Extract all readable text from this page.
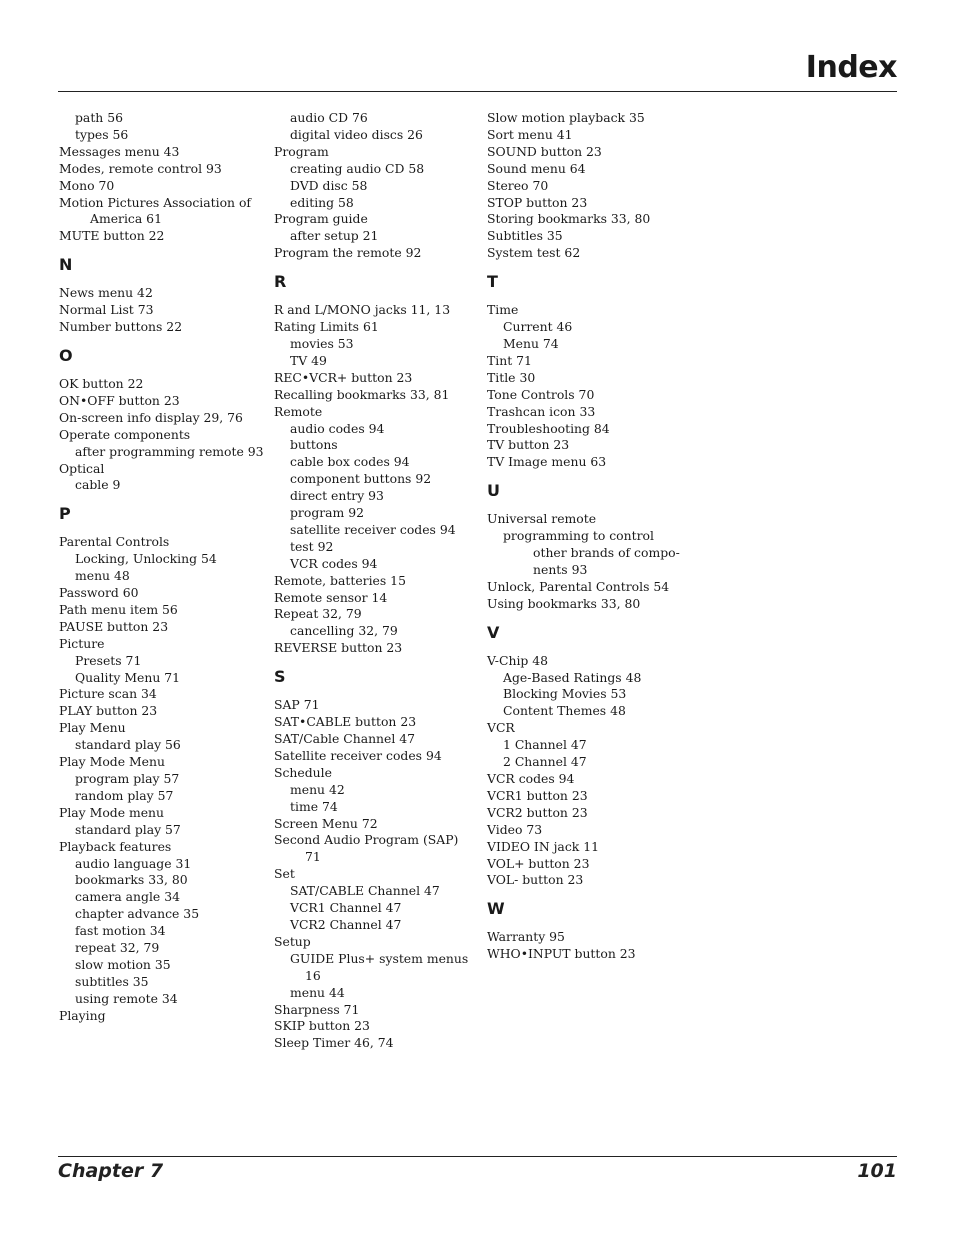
Index
path 56
types 56
Messages menu 43
Modes, remote control 93
Mono 70
Motion Pictures Association of
America 61
MUTE button 22
N
News menu 42
Normal List 73
Number buttons 22
O
OK button 22
ON•OFF button 23
On-screen info display 29, 76
Operate components
after programming remote 93
Optical
cable 9
P
Parental Controls
Locking, Unlocking 54
menu 48
Password 60
Path menu item 56
PAUSE button 23
Picture
Presets 71
Quality Menu 71
Picture scan 34
PLAY button 23
Play Menu
standard play 56
Play Mode Menu
program play 57
random play 57
Play Mode menu
standard play 57
Playback features
audio language 31
bookmarks 33, 80
camera angle 34
chapter advance 35
fast motion 34
repeat 32, 79
slow motion 35
subtitles 35
using remote 34
Playing
audio CD 76
digital video discs 26
Program
creating audio CD 58
DVD disc 58
editing 58
Program guide
after setup 21
Program the remote 92
R
R and L/MONO jacks 11, 13
Rating Limits 61
movies 53
TV 49
REC•VCR+ button 23
Recalling bookmarks 33, 81
Remote
audio codes 94
buttons
cable box codes 94
component buttons 92
direct entry 93
program 92
satellite receiver codes 94
test 92
VCR codes 94
Remote, batteries 15
Remote sensor 14
Repeat 32, 79
cancelling 32, 79
REVERSE button 23
S
SAP 71
SAT•CABLE button 23
SAT/Cable Channel 47
Satellite receiver codes 94
Schedule
menu 42
time 74
Screen Menu 72
Second Audio Program (SAP)
71
Set
SAT/CABLE Channel 47
VCR1 Channel 47
VCR2 Channel 47
Setup
GUIDE Plus+ system menus
16
menu 44
Sharpness 71
SKIP button 23
Sleep Timer 46, 74
Slow motion playback 35
Sort menu 41
SOUND button 23
Sound menu 64
Stereo 70
STOP button 23
Storing bookmarks 33, 80
Subtitles 35
System test 62
T
Time
Current 46
Menu 74
Tint 71
Title 30
Tone Controls 70
Trashcan icon 33
Troubleshooting 84
TV button 23
TV Image menu 63
U
Universal remote
programming to control
other brands of compo-
nents 93
Unlock, Parental Controls 54
Using bookmarks 33, 80
V
V-Chip 48
Age-Based Ratings 48
Blocking Movies 53
Content Themes 48
VCR
1 Channel 47
2 Channel 47
VCR codes 94
VCR1 button 23
VCR2 button 23
Video 73
VIDEO IN jack 11
VOL+ button 23
VOL- button 23
W
Warranty 95
WHO•INPUT button 23
Chapter 7	101
